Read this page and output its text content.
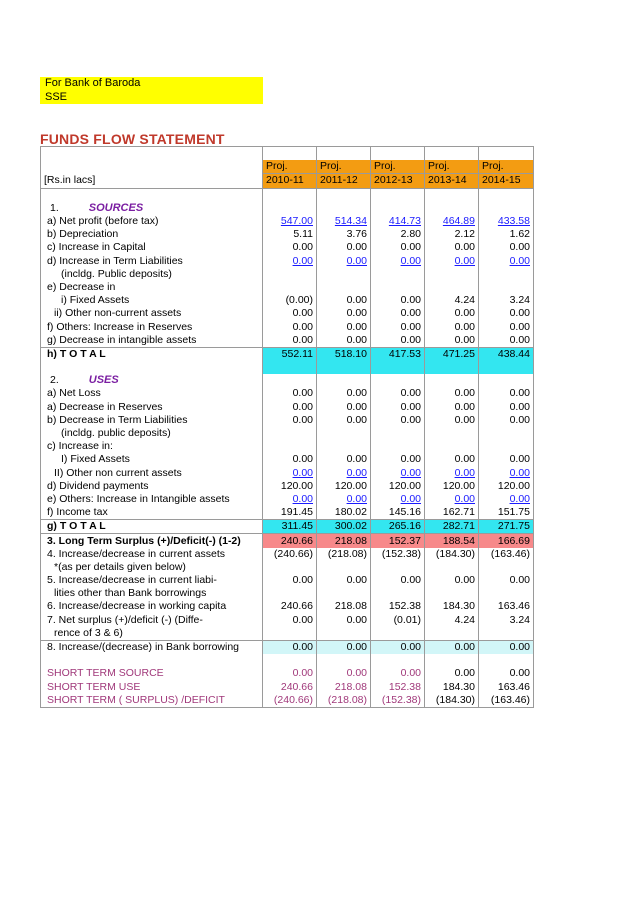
For Bank of Baroda
SSE
FUNDS FLOW STATEMENT

	Proj.	Proj.	Proj.	Proj.	Proj.
[Rs.in lacs]	2010-11	2011-12	2012-13	2013-14	2014-15

1. SOURCES					
a) Net profit (before tax)	547.00	514.34	414.73	464.89	433.58
b) Depreciation	5.11	3.76	2.80	2.12	1.62
c) Increase in Capital	0.00	0.00	0.00	0.00	0.00
d) Increase in Term Liabilities	0.00	0.00	0.00	0.00	0.00
(incldg. Public deposits)					
e) Decrease in					
i) Fixed Assets	(0.00)	0.00	0.00	4.24	3.24
ii) Other non-current assets	0.00	0.00	0.00	0.00	0.00
f) Others: Increase in Reserves	0.00	0.00	0.00	0.00	0.00
g) Decrease in intangible assets	0.00	0.00	0.00	0.00	0.00
h) T O T A L	552.11	518.10	417.53	471.25	438.44

2. USES					
a) Net Loss	0.00	0.00	0.00	0.00	0.00
a) Decrease in Reserves	0.00	0.00	0.00	0.00	0.00
b) Decrease in Term Liabilities	0.00	0.00	0.00	0.00	0.00
(incldg. public deposits)					
c) Increase in:					
I) Fixed Assets	0.00	0.00	0.00	0.00	0.00
II) Other non current assets	0.00	0.00	0.00	0.00	0.00
d) Dividend payments	120.00	120.00	120.00	120.00	120.00
e) Others: Increase in Intangible assets	0.00	0.00	0.00	0.00	0.00
f) Income tax	191.45	180.02	145.16	162.71	151.75
g) T O T A L	311.45	300.02	265.16	282.71	271.75
3. Long Term Surplus (+)/Deficit(-) (1-2)	240.66	218.08	152.37	188.54	166.69
4. Increase/decrease in current assets	(240.66)	(218.08)	(152.38)	(184.30)	(163.46)
*(as per details given below)					
5. Increase/decrease in current liabi-	0.00	0.00	0.00	0.00	0.00
lities other than Bank borrowings					
6. Increase/decrease in working capita	240.66	218.08	152.38	184.30	163.46
7. Net surplus (+)/deficit (-) (Diffe-	0.00	0.00	(0.01)	4.24	3.24
rence of 3 & 6)					
8. Increase/(decrease) in Bank borrowing	0.00	0.00	0.00	0.00	0.00

SHORT TERM SOURCE	0.00	0.00	0.00	0.00	0.00
SHORT TERM USE	240.66	218.08	152.38	184.30	163.46
SHORT TERM ( SURPLUS) /DEFICIT	(240.66)	(218.08)	(152.38)	(184.30)	(163.46)
